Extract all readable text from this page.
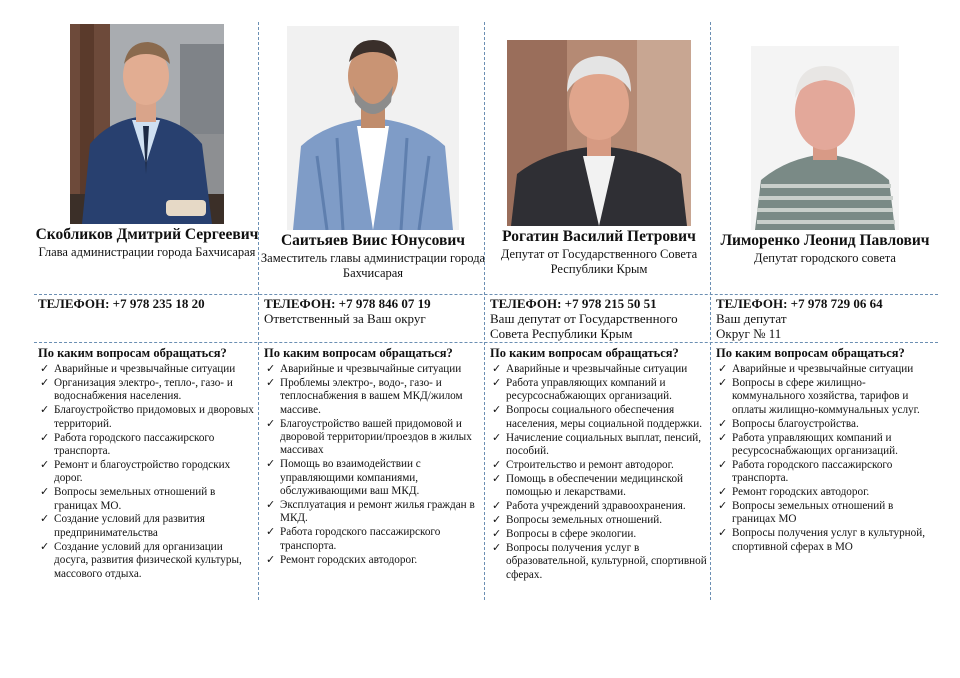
Скобликов Дмитрий Сергеевич
Глава администрации города Бахчисарая
ТЕЛЕФОН: +7 978 235 18 20
По каким вопросам обращаться?
✓ Аварийные и чрезвычайные ситуации
✓ Организация электро-, тепло-, газо- и водоснабжения населения.
✓ Благоустройство придомовых и дворовых территорий.
✓ Работа городского пассажирского транспорта.
✓ Ремонт и благоустройство городских дорог.
✓ Вопросы земельных отношений в границах МО.
✓ Создание условий для развития предпринимательства
✓ Создание условий для организации досуга, развития физической культуры, массового отдыха.
Саитьяев Виис Юнусович
Заместитель главы администрации города Бахчисарая
ТЕЛЕФОН: +7 978 846 07 19
Ответственный за Ваш округ
По каким вопросам обращаться?
✓ Аварийные и чрезвычайные ситуации
✓ Проблемы электро-, водо-, газо- и теплоснабжения в вашем МКД/жилом массиве.
✓ Благоустройство вашей придомовой и дворовой территории/проездов в жилых массивах
✓ Помощь во взаимодействии с управляющими компаниями, обслуживающими ваш МКД.
✓ Эксплуатация и ремонт жилья граждан в МКД.
✓ Работа городского пассажирского транспорта.
✓ Ремонт городских автодорог.
Рогатин Василий Петрович
Депутат от Государственного Совета Республики Крым
ТЕЛЕФОН: +7 978 215 50 51
Ваш депутат от Государственного Совета Республики Крым
По каким вопросам обращаться?
✓ Аварийные и чрезвычайные ситуации
✓ Работа управляющих компаний и ресурсоснабжающих организаций.
✓ Вопросы социального обеспечения населения, меры социальной поддержки.
✓ Начисление социальных выплат, пенсий, пособий.
✓ Строительство и ремонт автодорог.
✓ Помощь в обеспечении медицинской помощью и лекарствами.
✓ Работа учреждений здравоохранения.
✓ Вопросы земельных отношений.
✓ Вопросы в сфере экологии.
✓ Вопросы получения услуг в образовательной, культурной, спортивной сферах.
Лиморенко Леонид Павлович
Депутат городского совета
ТЕЛЕФОН: +7 978 729 06 64
Ваш депутат
Округ № 11
По каким вопросам обращаться?
✓ Аварийные и чрезвычайные ситуации
✓ Вопросы в сфере жилищно-коммунального хозяйства, тарифов и оплаты жилищно-коммунальных услуг.
✓ Вопросы благоустройства.
✓ Работа управляющих компаний и ресурсоснабжающих организаций.
✓ Работа городского пассажирского транспорта.
✓ Ремонт городских автодорог.
✓ Вопросы земельных отношений в границах МО
✓ Вопросы получения услуг в культурной, спортивной сферах в МО
